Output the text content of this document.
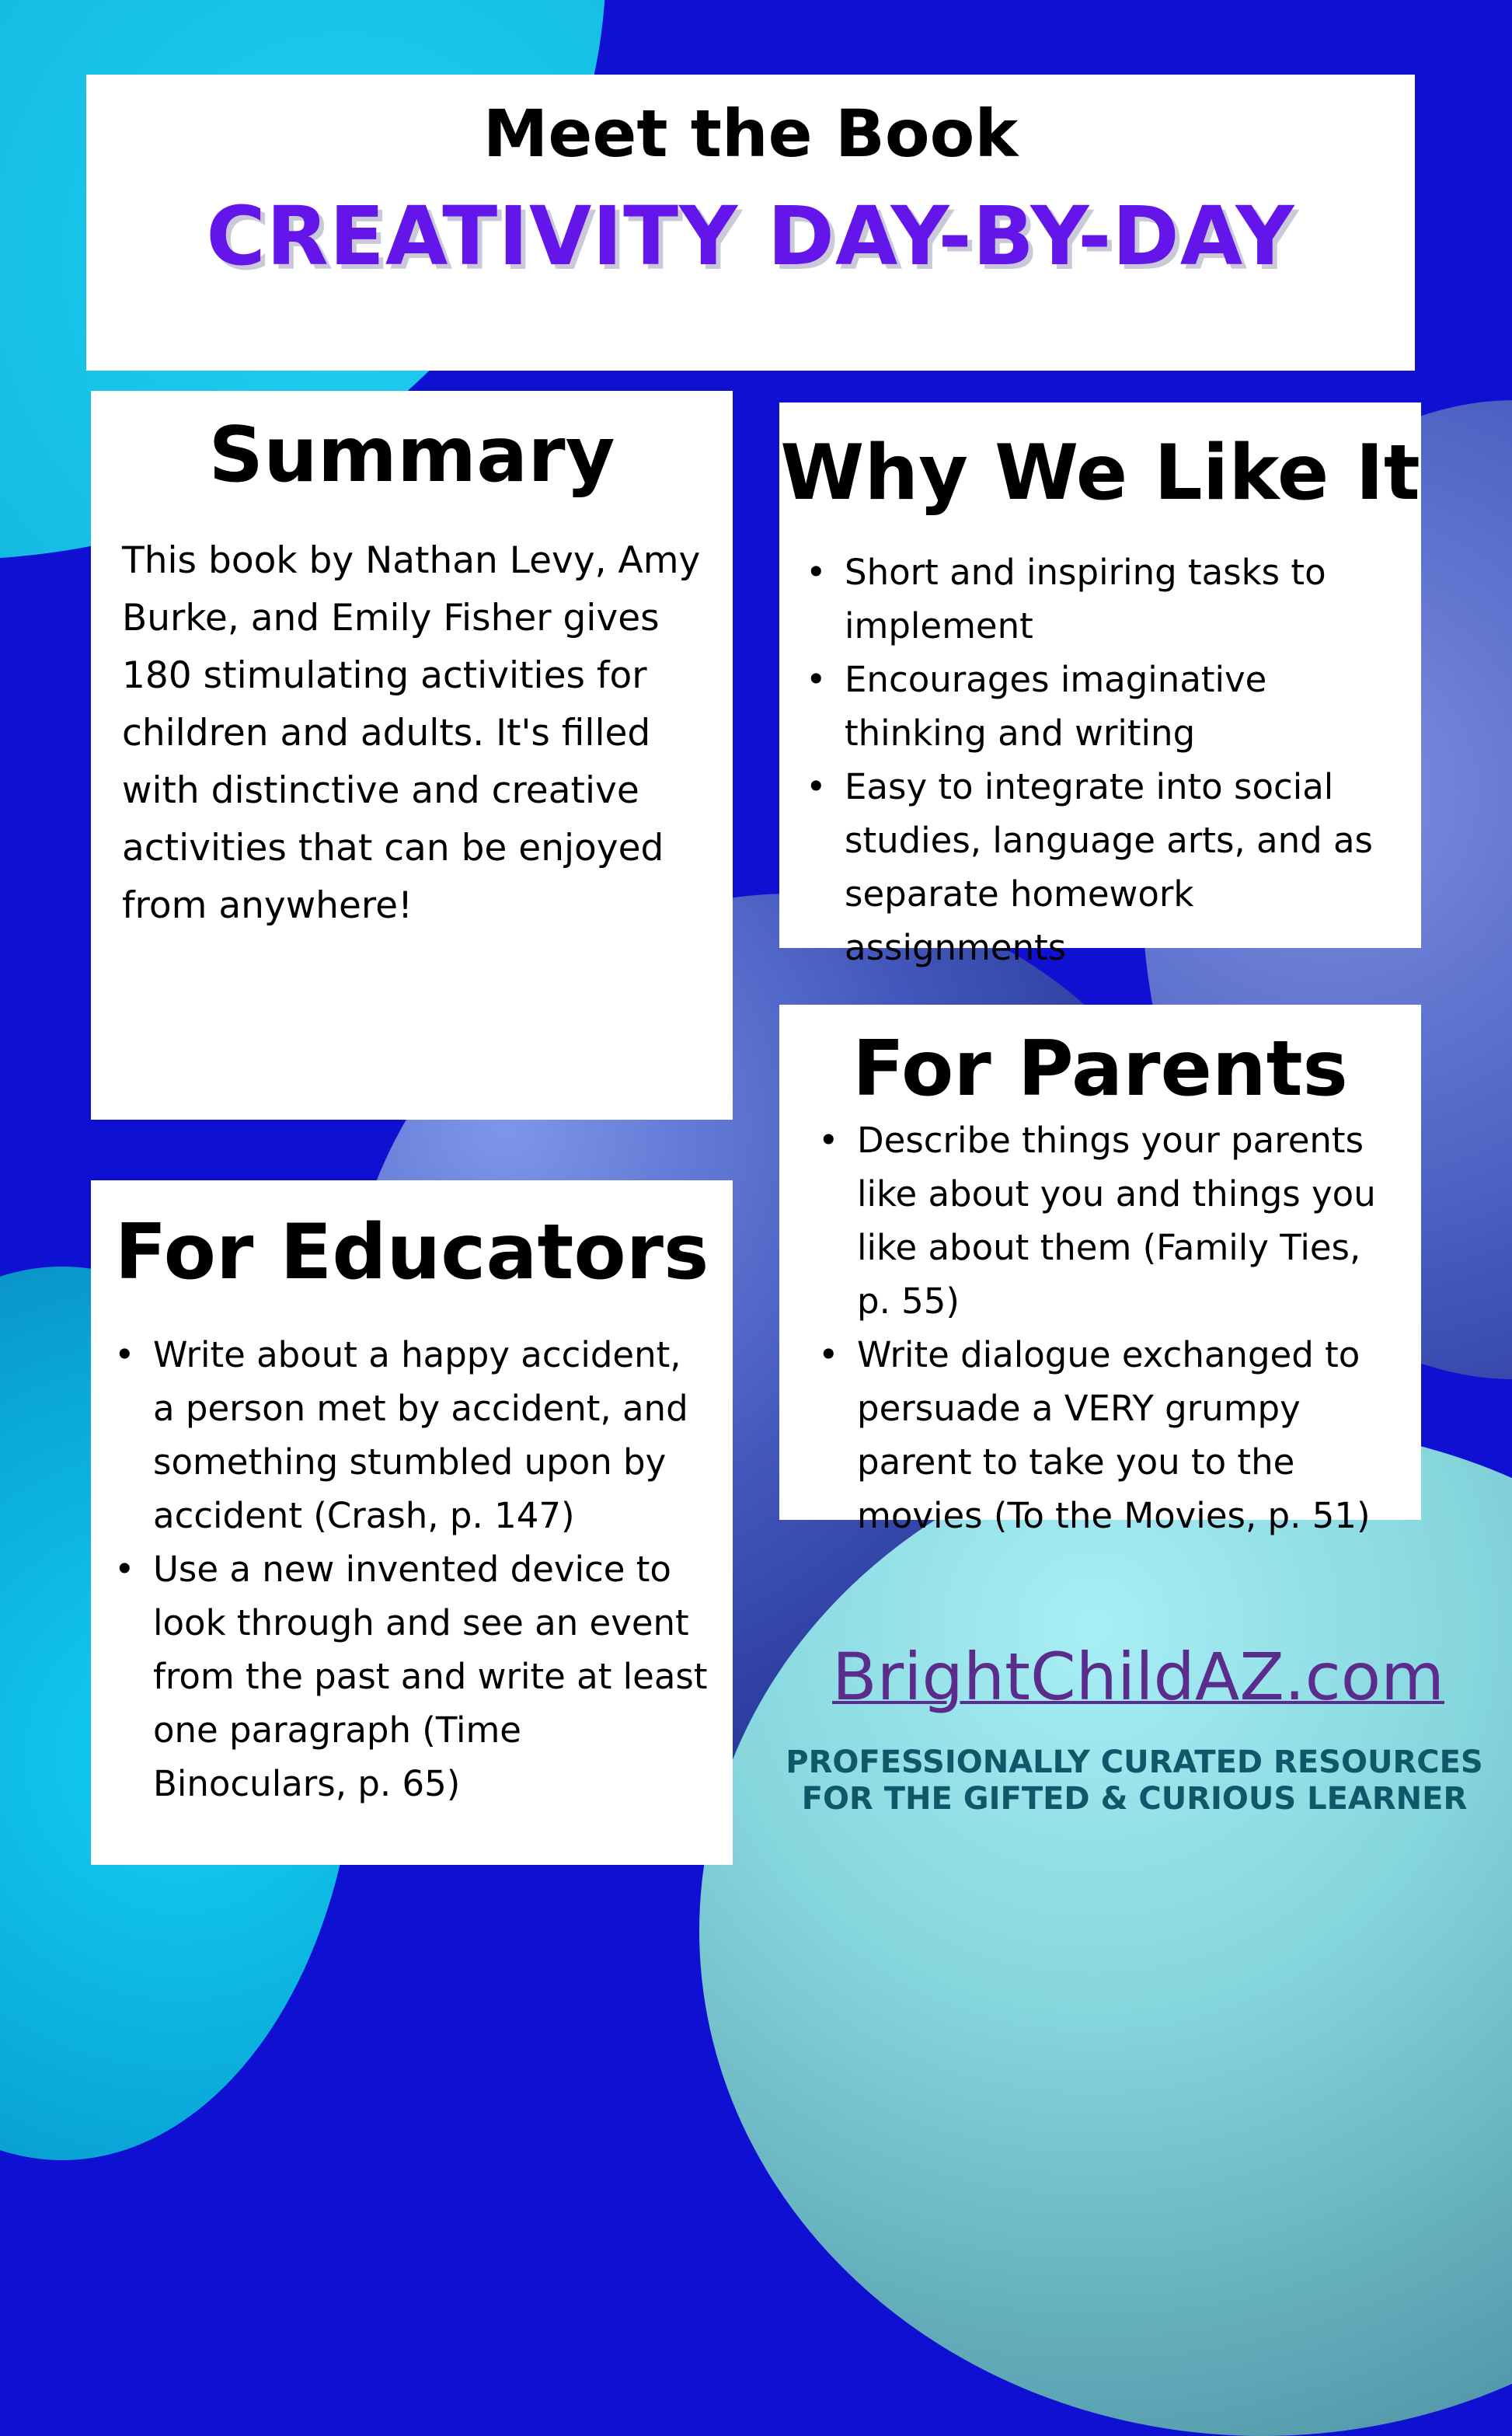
Meet the Book
CREATIVITY DAY-BY-DAY
Summary

This book by Nathan Levy, Amy Burke, and Emily Fisher gives 180 stimulating activities for children and adults. It's filled with distinctive and creative activities that can be enjoyed from anywhere!

Why We Like It
• Short and inspiring tasks to implement
• Encourages imaginative thinking and writing
• Easy to integrate into social studies, language arts, and as separate homework assignments
For Parents
• Describe things your parents like about you and things you like about them (Family Ties, p. 55)
• Write dialogue exchanged to persuade a VERY grumpy parent to take you to the movies (To the Movies, p. 51)
For Educators
• Write about a happy accident, a person met by accident, and something stumbled upon by accident (Crash, p. 147)
• Use a new invented device to look through and see an event from the past and write at least one paragraph (Time Binoculars, p. 65)
BrightChildAZ.com

PROFESSIONALLY CURATED RESOURCES
FOR THE GIFTED & CURIOUS LEARNER
